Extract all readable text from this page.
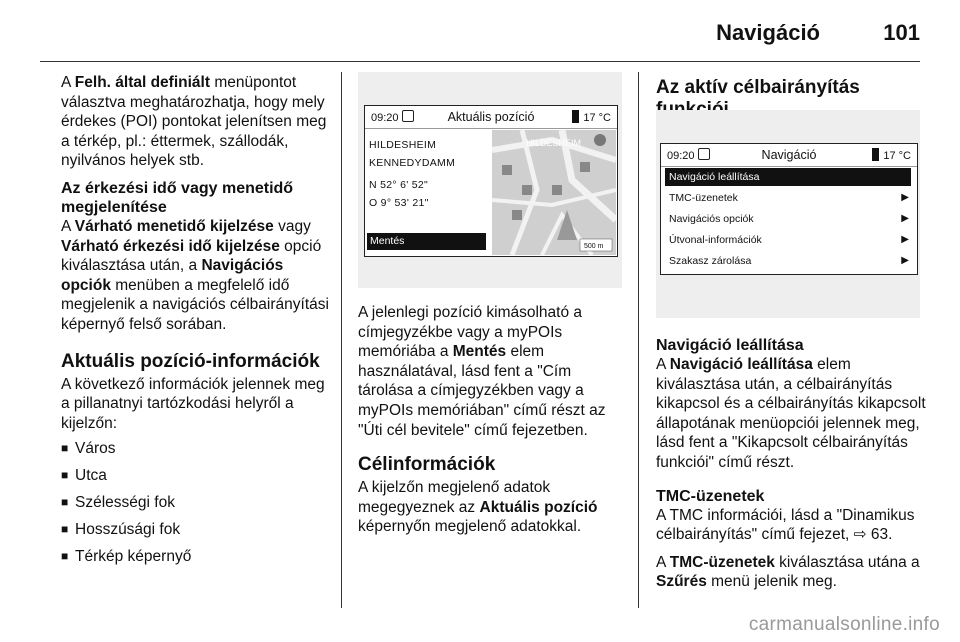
Navigáció	101

A Felh. által definiált menüpontot választva meghatározhatja, hogy mely érdekes (POI) pontokat jelenítsen meg a térkép, pl.: éttermek, szállodák, nyilvános helyek stb.

Az érkezési idő vagy menetidő megjelenítése

A Várható menetidő kijelzése vagy Várható érkezési idő kijelzése opció kiválasztása után, a Navigációs opciók menüben a megfelelő idő megjelenik a navigációs célbairányítási képernyő felső sorában.

Aktuális pozíció-információk

A következő információk jelennek meg a pillanatnyi tartózkodási helyről a kijelzőn:

■ Város
■ Utca
■ Szélességi fok
■ Hosszúsági fok
■ Térkép képernyő
09:20	Aktuális pozíció	17 °C
HILDESHEIM
KENNEDYDAMM
N 52° 6' 52"
O 9° 53' 21"
Mentés
HILDESHEIM
500 m

A jelenlegi pozíció kimásolható a címjegyzékbe vagy a myPOIs memóriába a Mentés elem használatával, lásd fent a "Cím tárolása a címjegyzékben vagy a myPOIs memóriában" című részt az "Úti cél bevitele" című fejezetben.

Célinformációk

A kijelzőn megjelenő adatok megegyeznek az Aktuális pozíció képernyőn megjelenő adatokkal.

Az aktív célbairányítás
09:20	Navigáció	17 °C
Navigáció leállítása
TMC-üzenetek	▶
Navigációs opciók	▶
Útvonal-információk	▶
Szakasz zárolása	▶
Navigáció leállítása

A Navigáció leállítása elem kiválasztása után, a célbairányítás kikapcsol és a célbairányítás kikapcsolt állapotának menüopciói jelennek meg, lásd fent a "Kikapcsolt célbairányítás funkciói" című részt.

TMC-üzenetek

A TMC információi, lásd a "Dinamikus célbairányítás" című fejezet, ⇨ 63.

A TMC-üzenetek kiválasztása utána a Szűrés menü jelenik meg.

carmanualsonline.info
